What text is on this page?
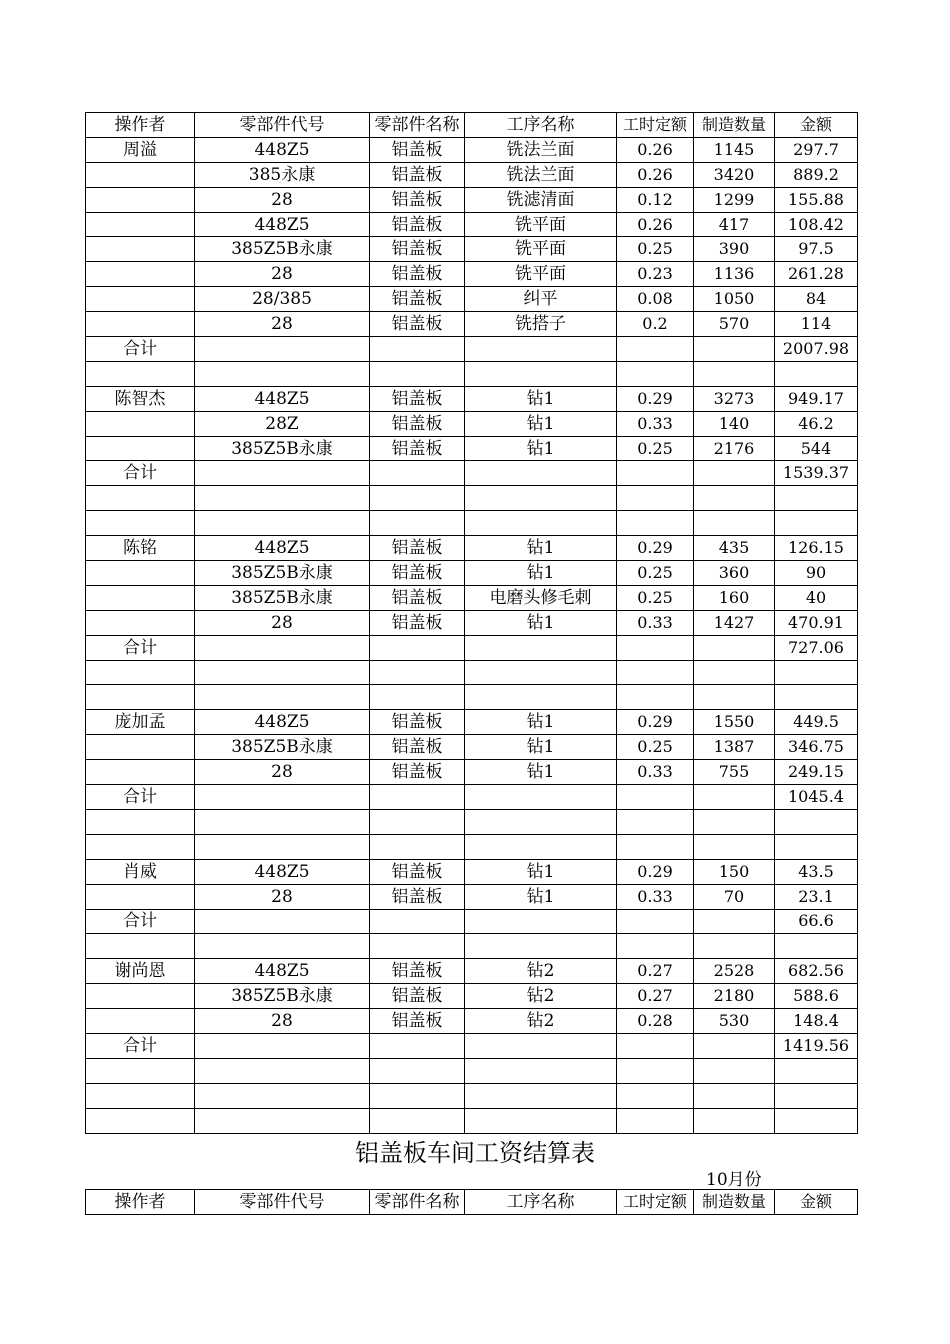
操作者	零部件代号	零部件名称	工序名称	工时定额	制造数量	金额
周溢	448Z5	铝盖板	铣法兰面	0.26	1145	297.7
	385永康	铝盖板	铣法兰面	0.26	3420	889.2
	28	铝盖板	铣滤清面	0.12	1299	155.88
	448Z5	铝盖板	铣平面	0.26	417	108.42
	385Z5B永康	铝盖板	铣平面	0.25	390	97.5
	28	铝盖板	铣平面	0.23	1136	261.28
	28/385	铝盖板	纠平	0.08	1050	84
	28	铝盖板	铣搭子	0.2	570	114
合计						2007.98

陈智杰	448Z5	铝盖板	钻1	0.29	3273	949.17
	28Z	铝盖板	钻1	0.33	140	46.2
	385Z5B永康	铝盖板	钻1	0.25	2176	544
合计						1539.37

陈铭	448Z5	铝盖板	钻1	0.29	435	126.15
	385Z5B永康	铝盖板	钻1	0.25	360	90
	385Z5B永康	铝盖板	电磨头修毛刺	0.25	160	40
	28	铝盖板	钻1	0.33	1427	470.91
合计						727.06

庞加孟	448Z5	铝盖板	钻1	0.29	1550	449.5
	385Z5B永康	铝盖板	钻1	0.25	1387	346.75
	28	铝盖板	钻1	0.33	755	249.15
合计						1045.4

肖威	448Z5	铝盖板	钻1	0.29	150	43.5
	28	铝盖板	钻1	0.33	70	23.1
合计						66.6

谢尚恩	448Z5	铝盖板	钻2	0.27	2528	682.56
	385Z5B永康	铝盖板	钻2	0.27	2180	588.6
	28	铝盖板	钻2	0.28	530	148.4
合计						1419.56

铝盖板车间工资结算表
10月份
操作者	零部件代号	零部件名称	工序名称	工时定额	制造数量	金额
